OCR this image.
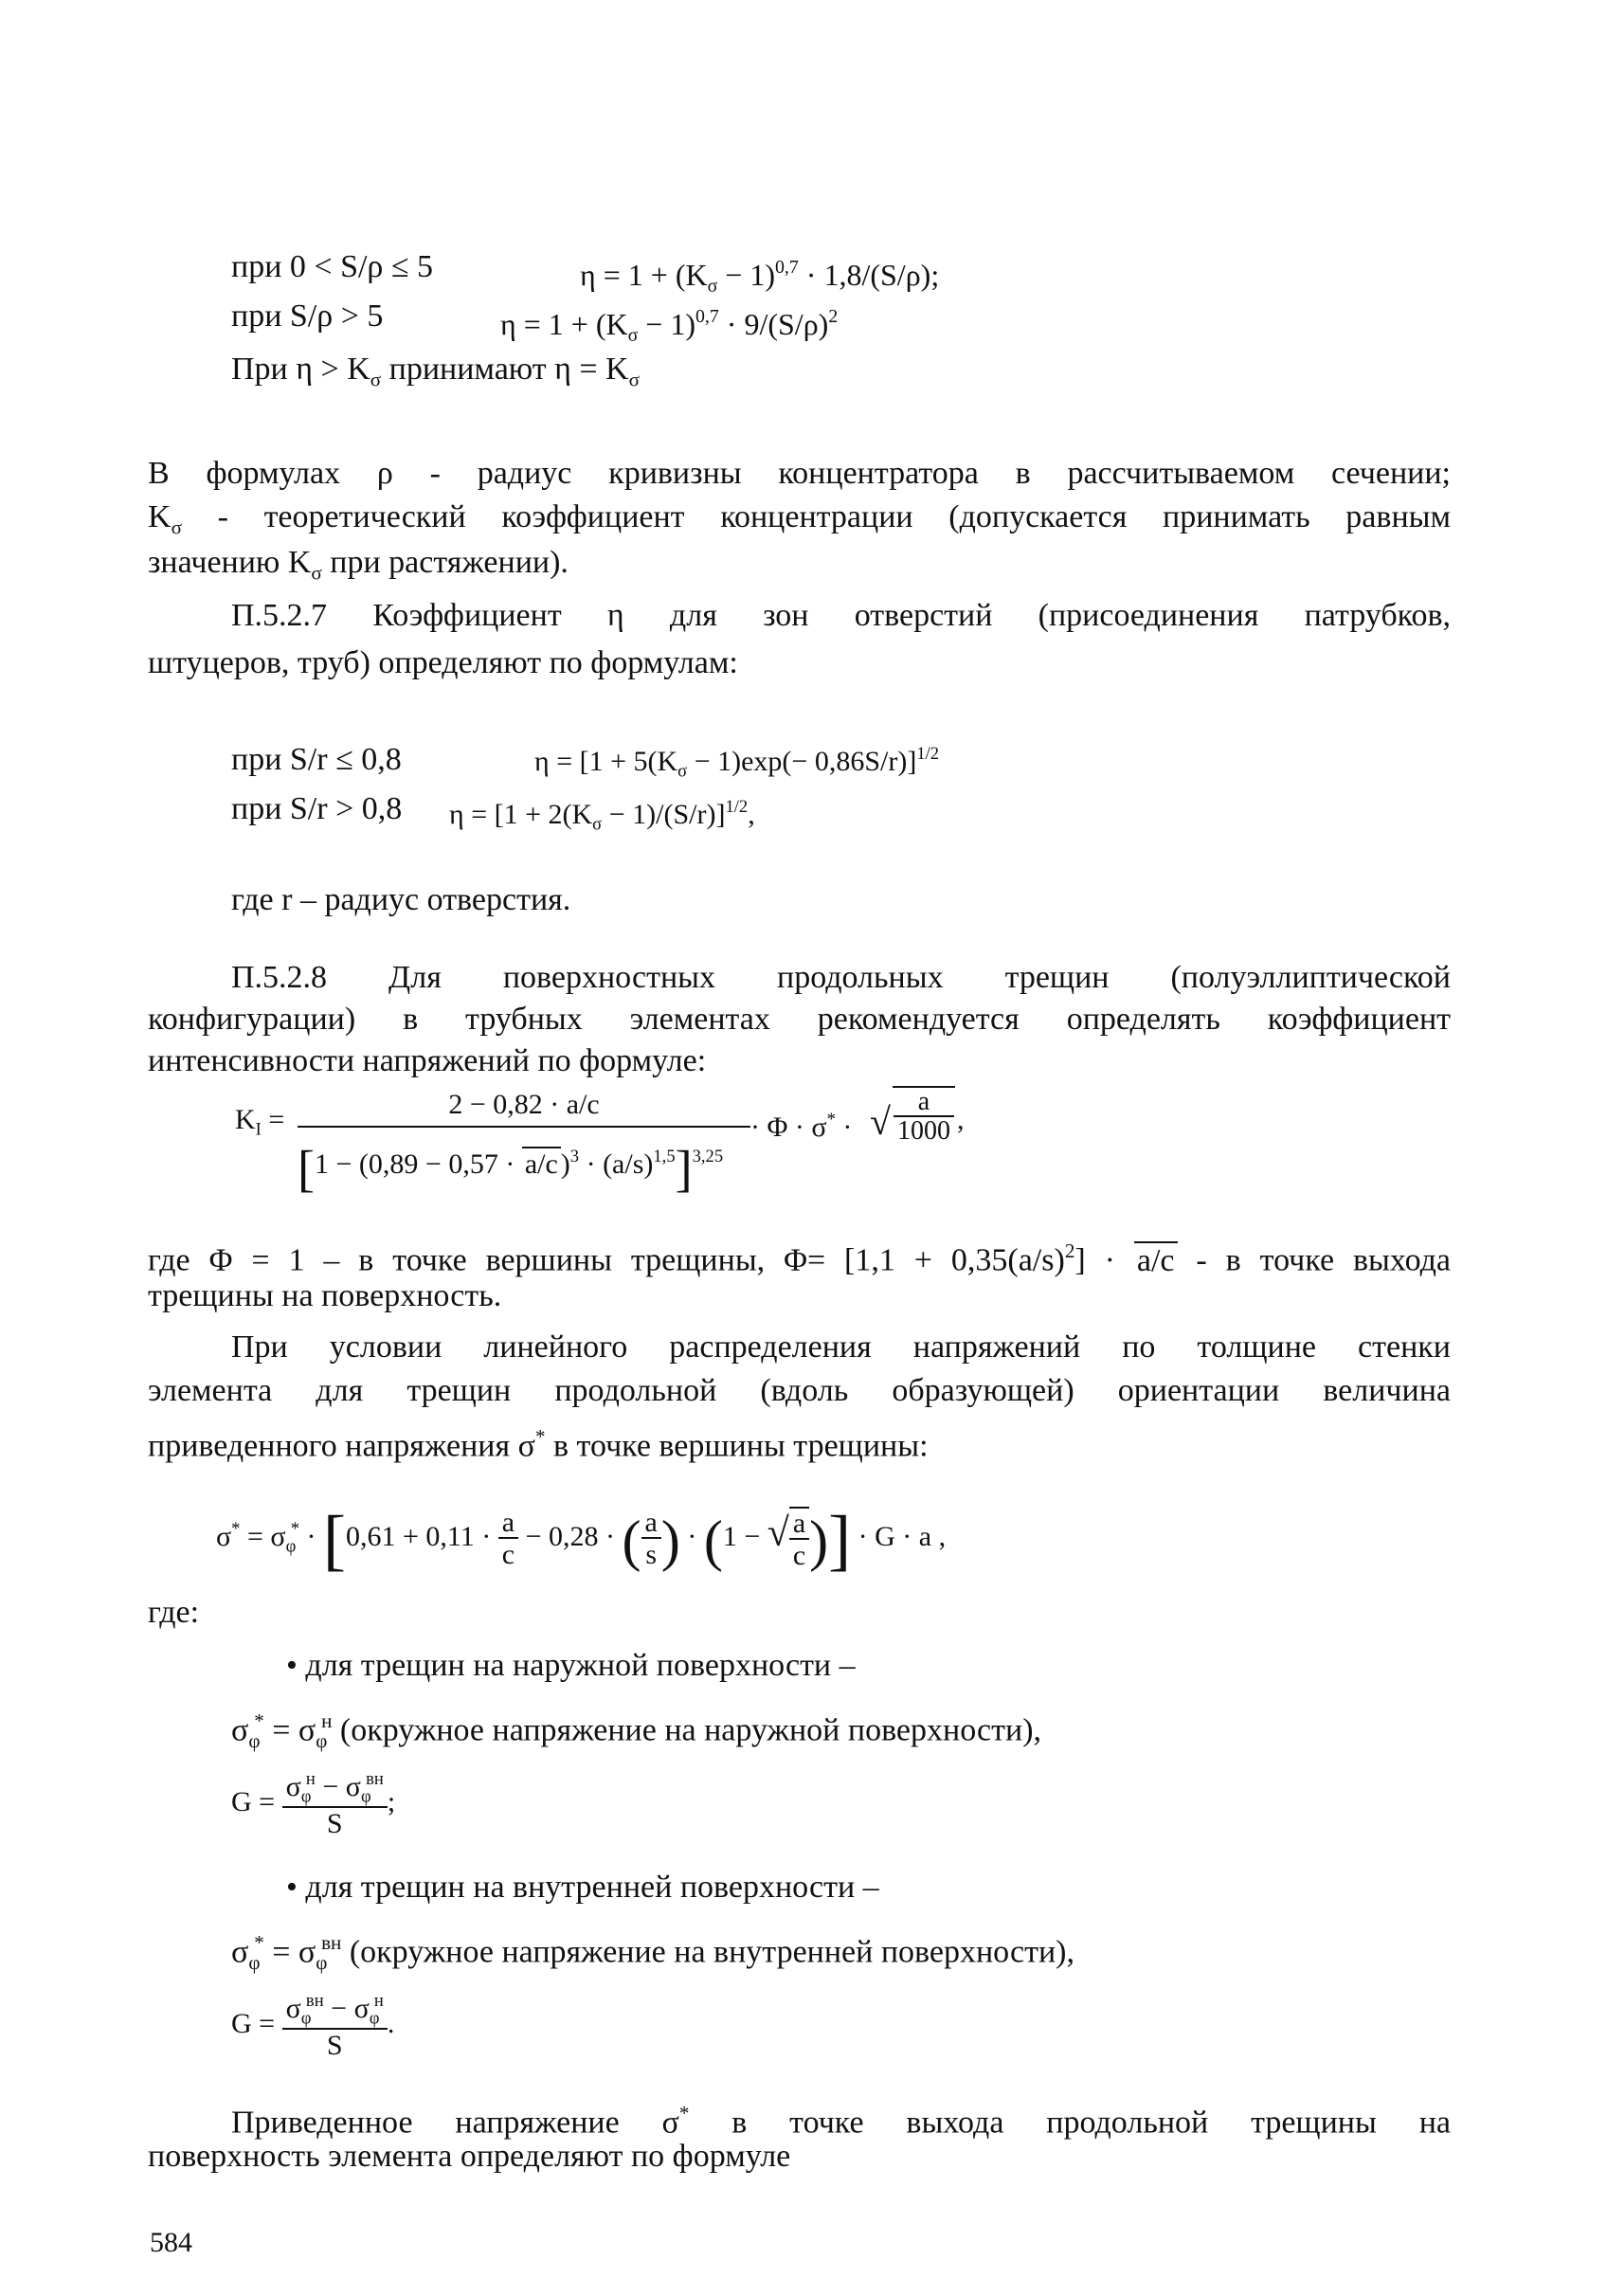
при 0 < S/ρ ≤ 5	$\eta = 1 + (K_\sigma - 1)^{0,7} \cdot 1,8/(S/\rho)$;
при S/ρ > 5	$\eta = 1 + (K_\sigma - 1)^{0,7} \cdot 9/(S/\rho)^2$
При $\eta > K_\sigma$ принимают $\eta = K_\sigma$
В формулах ρ - радиус кривизны концентратора в рассчитываемом сечении;
$K_\sigma$ - теоретический коэффициент концентрации (допускается принимать равным
значению $K_\sigma$ при растяжении).
П.5.2.7 Коэффициент η для зон отверстий (присоединения патрубков,
штуцеров, труб) определяют по формулам:
при S/r ≤ 0,8	$\eta = [1 + 5(K_\sigma - 1)\exp(- 0,86S/r)]^{1/2}$
при S/r > 0,8 $\eta = [1 + 2(K_\sigma - 1)/(S/r)]^{1/2}$,
где r – радиус отверстия.
П.5.2.8 Для поверхностных продольных трещин (полуэллиптической
конфигурации) в трубных элементах рекомендуется определять коэффициент
интенсивности напряжений по формуле:
$K_I$ =	2 − 0,82 · a/c
[1 − (0,89 − 0,57 · a/c )$^3 \cdot (a/s)^{1,5}]^{3,25}$
· Φ · σ* · √ $\frac{a}{1000}$ ,
где Φ = 1 – в точке вершины трещины, $\Phi= [1,1 + 0,35(a/s)^2] \cdot a/c - в$ точке выхода
трещины на поверхность.
При условии линейного распределения напряжений по толщине стенки
элемента для трещин продольной (вдоль образующей) ориентации величина
приведенного напряжения σ* в точке вершины трещины:
$\sigma^* = \sigma_\varphi^* \cdot [0,61 + 0,11 \cdot \frac{a}{c} - 0,28$ · ( $\frac{a}{s}$ ) · (1 − √ $\frac{a}{c}$ )] · G · a ,
где:
• для трещин на наружной поверхности –
$\sigma_\varphi^* = \sigma_\varphi^н$ (окружное напряжение на наружной поверхности),
$G = \frac{\sigma_\varphi^н - \sigma_\varphi^{вн}}{S}$ ;
• для трещин на внутренней поверхности –
$\sigma_\varphi^* = \sigma_\varphi^{вн}$ (окружное напряжение на внутренней поверхности),
$G = \frac{\sigma_\varphi^{вн} - \sigma_\varphi^н}{S}$ .
Приведенное напряжение σ* в точке выхода продольной трещины на
поверхность элемента определяют по формуле
584
